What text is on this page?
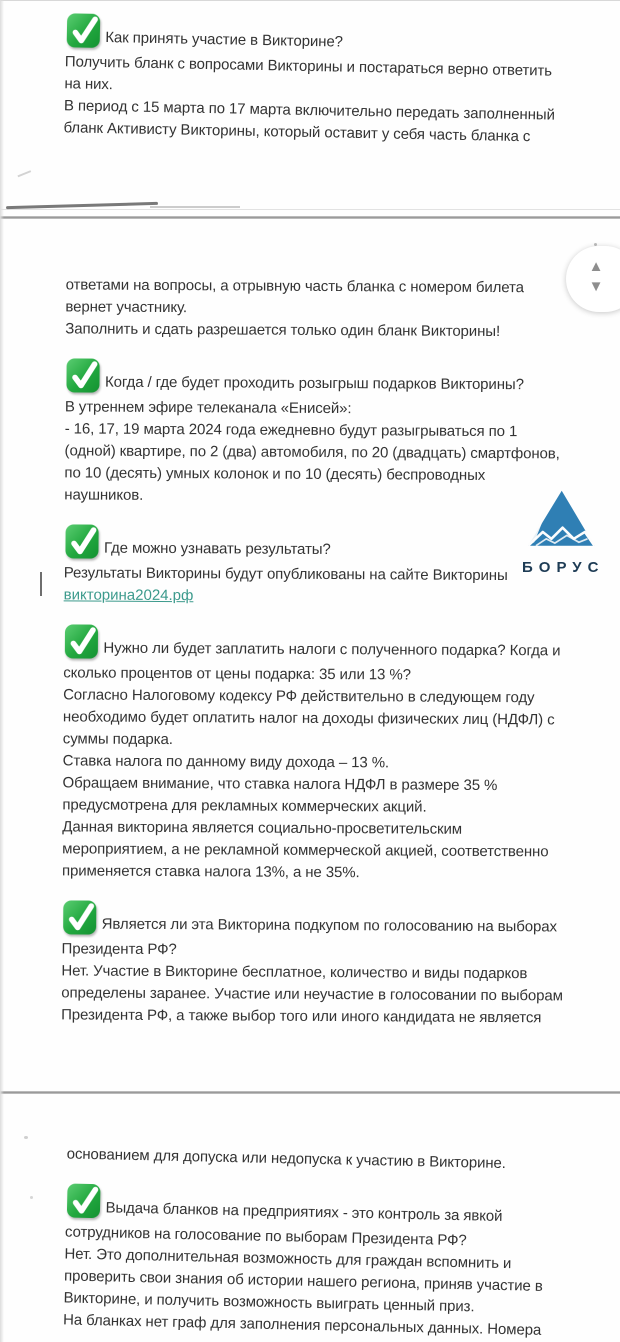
Как принять участие в Викторине?

Получить бланк с вопросами Викторины и постараться верно ответить на них.

В период с 15 марта по 17 марта включительно передать заполненный бланк Активисту Викторины, который оставит у себя часть бланка с

ответами на вопросы, а отрывную часть бланка с номером билета вернет участнику.

Заполнить и сдать разрешается только один бланк Викторины!

Когда / где будет проходить розыгрыш подарков Викторины?

В утреннем эфире телеканала «Енисей»:

- 16, 17, 19 марта 2024 года ежедневно будут разыгрываться по 1 (одной) квартире, по 2 (два) автомобиля, по 20 (двадцать) смартфонов, по 10 (десять) умных колонок и по 10 (десять) беспроводных наушников.

Где можно узнавать результаты?

Результаты Викторины будут опубликованы на сайте Викторины

викторина2024.рф

Нужно ли будет заплатить налоги с полученного подарка? Когда и сколько процентов от цены подарка: 35 или 13 %?

Согласно Налоговому кодексу РФ действительно в следующем году необходимо будет оплатить налог на доходы физических лиц (НДФЛ) с суммы подарка.

Ставка налога по данному виду дохода – 13 %.

Обращаем внимание, что ставка налога НДФЛ в размере 35 % предусмотрена для рекламных коммерческих акций.

Данная викторина является социально-просветительским мероприятием, а не рекламной коммерческой акцией, соответственно применяется ставка налога 13%, а не 35%.

Является ли эта Викторина подкупом по голосованию на выборах Президента РФ?

Нет. Участие в Викторине бесплатное, количество и виды подарков определены заранее. Участие или неучастие в голосовании по выборам Президента РФ, а также выбор того или иного кандидата не является

БОРУС

основанием для допуска или недопуска к участию в Викторине.

Выдача бланков на предприятиях - это контроль за явкой сотрудников на голосование по выборам Президента РФ?

Нет. Это дополнительная возможность для граждан вспомнить и проверить свои знания об истории нашего региона, приняв участие в Викторине, и получить возможность выиграть ценный приз.

На бланках нет граф для заполнения персональных данных. Номера

▲
▼
